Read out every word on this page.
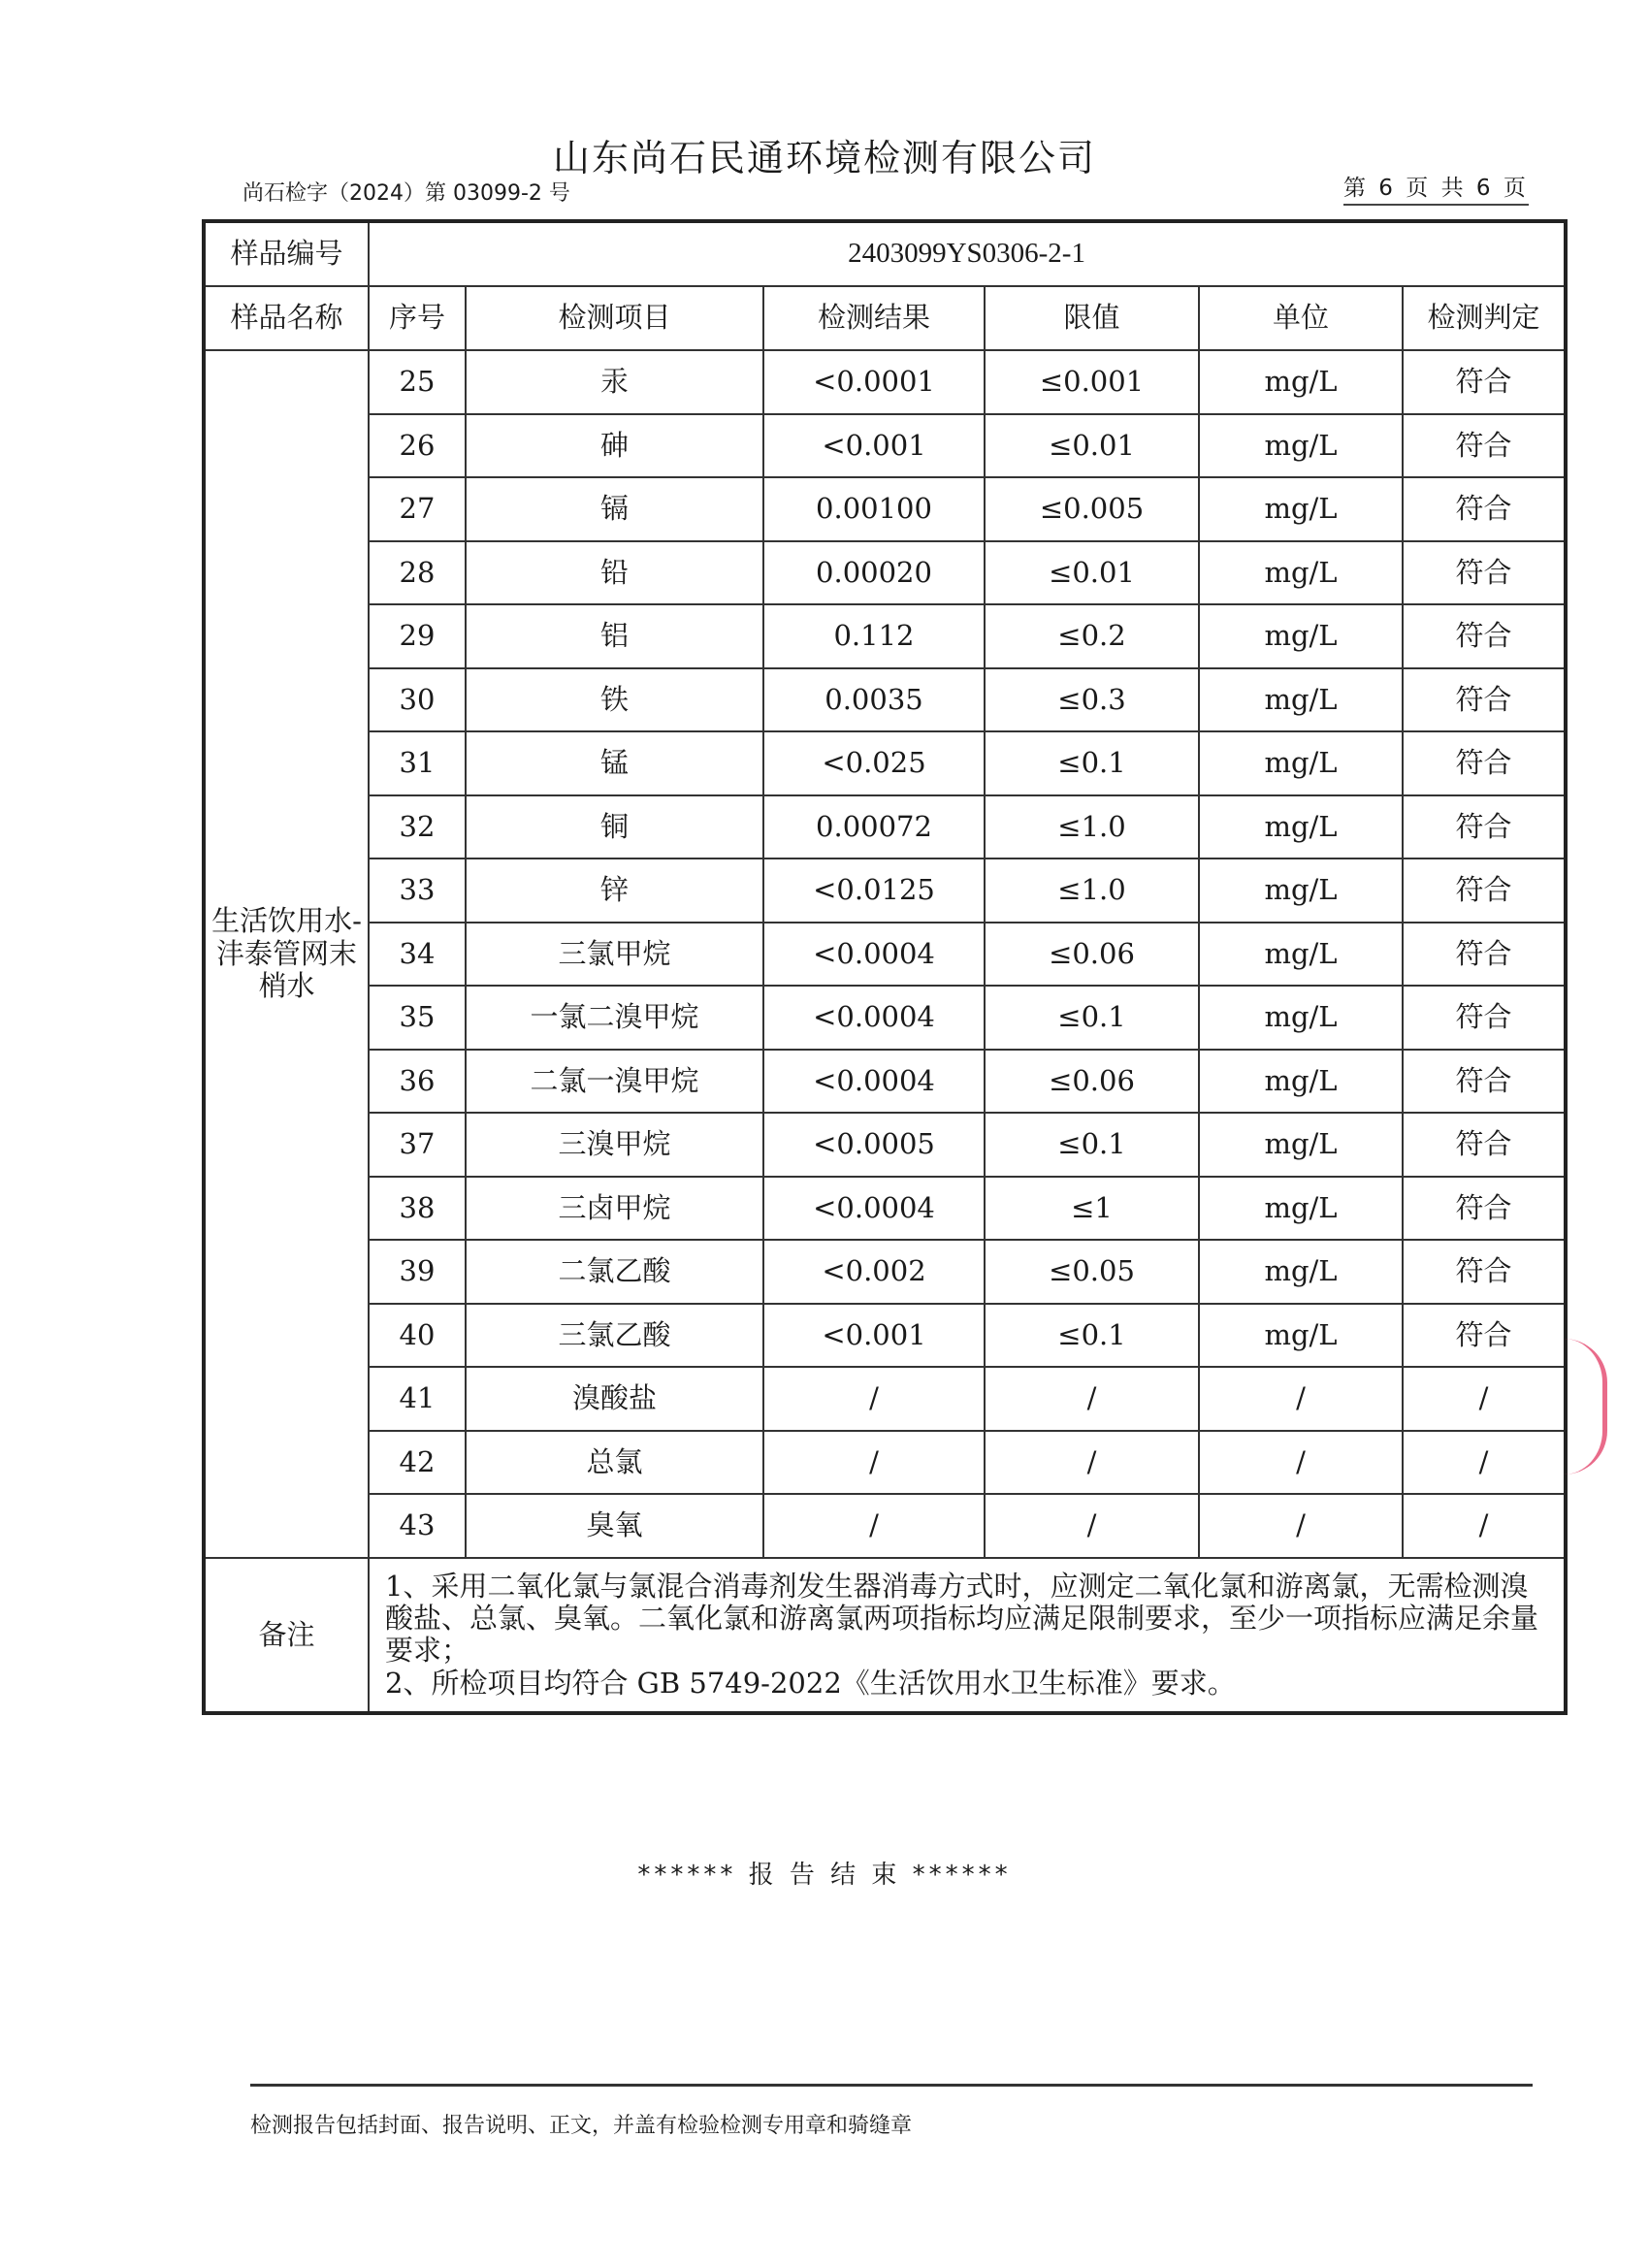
山东尚石民通环境检测有限公司
尚石检字（2024）第 03099-2 号	第 6 页 共 6 页
样品编号	2403099YS0306-2-1					
样品名称	序号	检测项目	检测结果	限值	单位	检测判定
生活饮用水-沣泰管网末梢水	25	汞	<0.0001	≤0.001	mg/L	符合
	26	砷	<0.001	≤0.01	mg/L	符合
	27	镉	0.00100	≤0.005	mg/L	符合
	28	铅	0.00020	≤0.01	mg/L	符合
	29	铝	0.112	≤0.2	mg/L	符合
	30	铁	0.0035	≤0.3	mg/L	符合
	31	锰	<0.025	≤0.1	mg/L	符合
	32	铜	0.00072	≤1.0	mg/L	符合
	33	锌	<0.0125	≤1.0	mg/L	符合
	34	三氯甲烷	<0.0004	≤0.06	mg/L	符合
	35	一氯二溴甲烷	<0.0004	≤0.1	mg/L	符合
	36	二氯一溴甲烷	<0.0004	≤0.06	mg/L	符合
	37	三溴甲烷	<0.0005	≤0.1	mg/L	符合
	38	三卤甲烷	<0.0004	≤1	mg/L	符合
	39	二氯乙酸	<0.002	≤0.05	mg/L	符合
	40	三氯乙酸	<0.001	≤0.1	mg/L	符合
	41	溴酸盐	/	/	/	/
	42	总氯	/	/	/	/
	43	臭氧	/	/	/	/
备注	1、采用二氧化氯与氯混合消毒剂发生器消毒方式时，应测定二氧化氯和游离氯，无需检测溴酸盐、总氯、臭氧。二氧化氯和游离氯两项指标均应满足限制要求，至少一项指标应满足余量要求；

2、所检项目均符合 GB 5749-2022《生活饮用水卫生标准》要求。					

****** 报 告 结 束 ******
检测报告包括封面、报告说明、正文，并盖有检验检测专用章和骑缝章
